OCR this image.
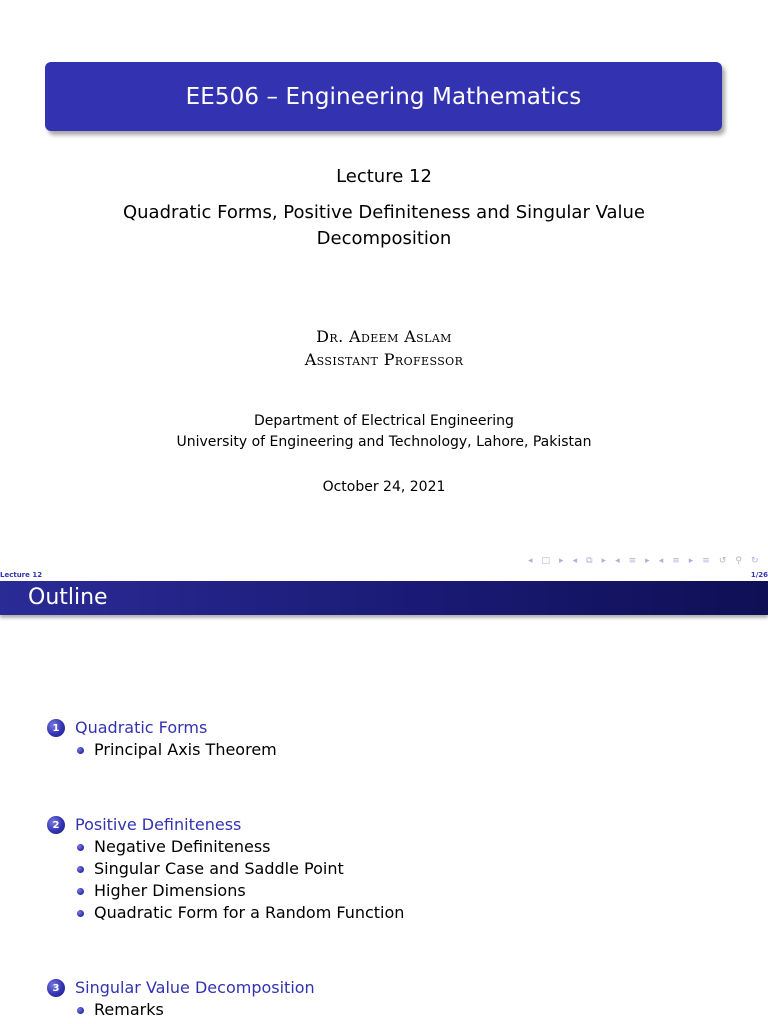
EE506 – Engineering Mathematics
Lecture 12
Quadratic Forms, Positive Definiteness and Singular Value Decomposition
Dr. Adeem Aslam
Assistant Professor
Department of Electrical Engineering
University of Engineering and Technology, Lahore, Pakistan
October 24, 2021
◂ □ ▸ ◂ ⧉ ▸ ◂ ≡ ▸ ◂ ≡ ▸ ≡ ↺ ⚲ ↻
Lecture 12	1/26
Outline
1 Quadratic Forms
Principal Axis Theorem
2 Positive Definiteness
Negative Definiteness
Singular Case and Saddle Point
Higher Dimensions
Quadratic Form for a Random Function
3 Singular Value Decomposition
Remarks
